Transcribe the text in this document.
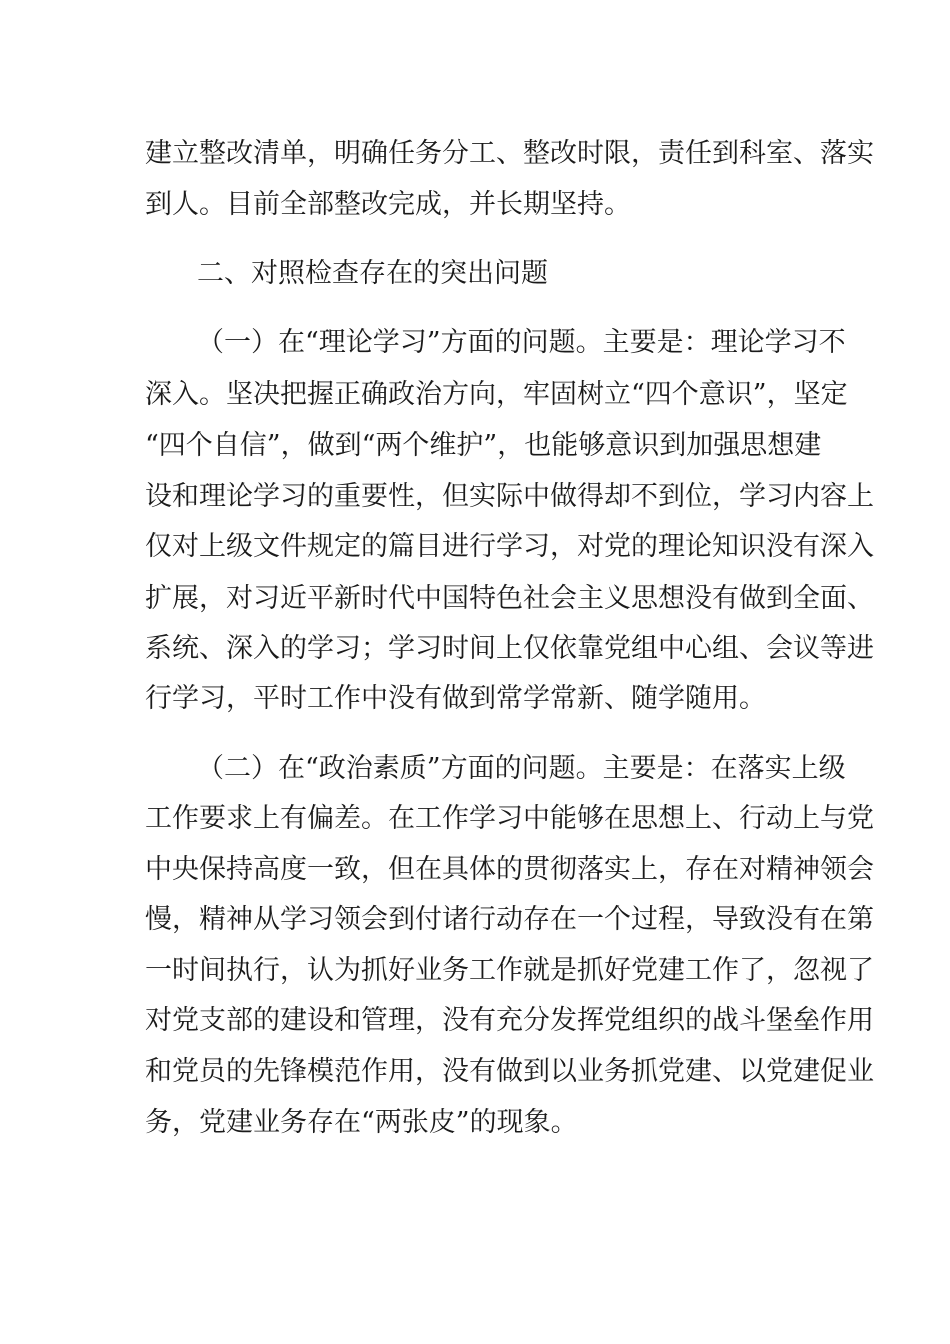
建立整改清单，明确任务分工、整改时限，责任到科室、落实
到人。目前全部整改完成，并长期坚持。
二、对照检查存在的突出问题
（一）在“理论学习”方面的问题。主要是：理论学习不
深入。坚决把握正确政治方向，牢固树立“四个意识”，坚定
“四个自信”，做到“两个维护”，也能够意识到加强思想建
设和理论学习的重要性，但实际中做得却不到位，学习内容上
仅对上级文件规定的篇目进行学习，对党的理论知识没有深入
扩展，对习近平新时代中国特色社会主义思想没有做到全面、
系统、深入的学习；学习时间上仅依靠党组中心组、会议等进
行学习，平时工作中没有做到常学常新、随学随用。
（二）在“政治素质”方面的问题。主要是：在落实上级
工作要求上有偏差。在工作学习中能够在思想上、行动上与党
中央保持高度一致，但在具体的贯彻落实上，存在对精神领会
慢，精神从学习领会到付诸行动存在一个过程，导致没有在第
一时间执行，认为抓好业务工作就是抓好党建工作了，忽视了
对党支部的建设和管理，没有充分发挥党组织的战斗堡垒作用
和党员的先锋模范作用，没有做到以业务抓党建、以党建促业
务，党建业务存在“两张皮”的现象。
